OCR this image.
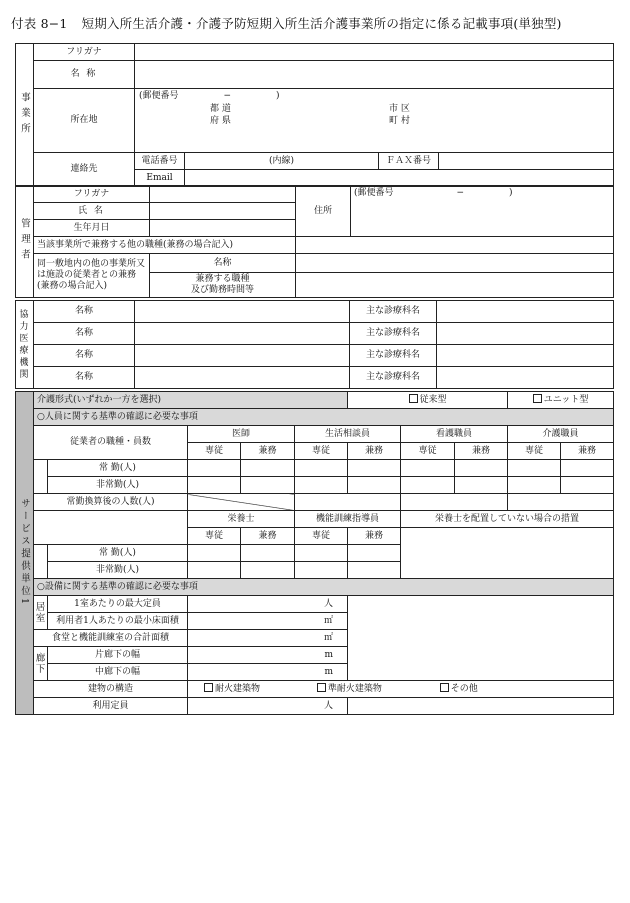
付表 8−1 短期入所生活介護・介護予防短期入所生活介護事業所の指定に係る記載事項(単独型)
事業所	フリガナ				
	名 称				
	所在地	(郵便番号　　　　　−　　　　　)
都 道
府 県
市 区
町 村			

	連絡先	電話番号	(内線)	ＦＡＸ番号	
		Email			
管理者	フリガナ		住所	(郵便番号　　　　　　　−　　　　　)
	氏 名			
	生年月日			
	当該事業所で兼務する他の職種(兼務の場合記入)			

	同一敷地内の他の事業所又
は施設の従業者との兼務
(兼務の場合記入)	名称		

		兼務する職種
及び勤務時間等		

協力
医療
機関	名称		主な診療科名	
	名称		主な診療科名	
	名称		主な診療科名	
	名称		主な診療科名	
サービス提供単位1	介護形式(いずれか一方を選択)					従来型			ユニット型	
	○人員に関する基準の確認に必要な事項									
	従業者の職種・員数		医師		生活相談員		看護職員		介護職員	
			専従	兼務	専従	兼務	専従	兼務	専従	兼務
		常 勤(人)								
		非常勤(人)								
	常勤換算後の人数(人)									
			栄養士		機能訓練指導員		栄養士を配置していない場合の措置			
			専従	兼務	専従	兼務				
		常 勤(人)								
		非常勤(人)								
	○設備に関する基準の確認に必要な事項									
	居室	1室あたりの最大定員	人							
		利用者1人あたりの最小床面積	㎡							
	食堂と機能訓練室の合計面積		㎡							
	廊下	片廊下の幅	m							
		中廊下の幅	m							
	建物の構造		耐火建築物 準耐火建築物 その他							
	利用定員		人							
